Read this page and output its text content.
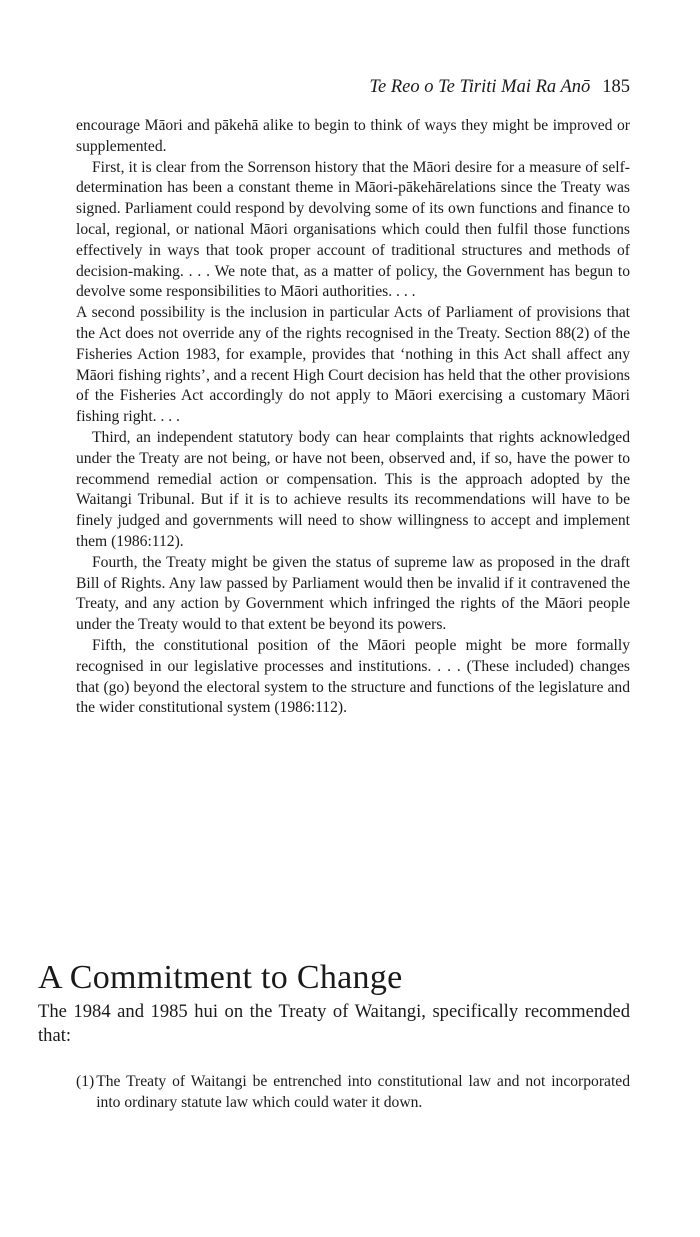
Te Reo o Te Tiriti Mai Ra Anō 185

encourage Māori and pākehā alike to begin to think of ways they might be improved or supplemented.

First, it is clear from the Sorrenson history that the Māori desire for a measure of self-determination has been a constant theme in Māori-pākehārelations since the Treaty was signed. Parliament could respond by devolving some of its own functions and finance to local, regional, or national Māori organisations which could then fulfil those functions effectively in ways that took proper account of traditional structures and methods of decision-making. . . . We note that, as a matter of policy, the Government has begun to devolve some responsibilities to Māori authorities. . . .

A second possibility is the inclusion in particular Acts of Parliament of provisions that the Act does not override any of the rights recognised in the Treaty. Section 88(2) of the Fisheries Action 1983, for example, provides that ‘nothing in this Act shall affect any Māori fishing rights’, and a recent High Court decision has held that the other provisions of the Fisheries Act accordingly do not apply to Māori exercising a customary Māori fishing right. . . .

Third, an independent statutory body can hear complaints that rights acknowledged under the Treaty are not being, or have not been, observed and, if so, have the power to recommend remedial action or compensation. This is the approach adopted by the Waitangi Tribunal. But if it is to achieve results its recommendations will have to be finely judged and governments will need to show willingness to accept and implement them (1986:112).

Fourth, the Treaty might be given the status of supreme law as proposed in the draft Bill of Rights. Any law passed by Parliament would then be invalid if it contravened the Treaty, and any action by Government which infringed the rights of the Māori people under the Treaty would to that extent be beyond its powers.

Fifth, the constitutional position of the Māori people might be more formally recognised in our legislative processes and institutions. . . . (These included) changes that (go) beyond the electoral system to the structure and functions of the legislature and the wider constitutional system (1986:112).

A Commitment to Change

The 1984 and 1985 hui on the Treaty of Waitangi, specifically recommended that:

(1) The Treaty of Waitangi be entrenched into constitutional law and not incorporated into ordinary statute law which could water it down.
